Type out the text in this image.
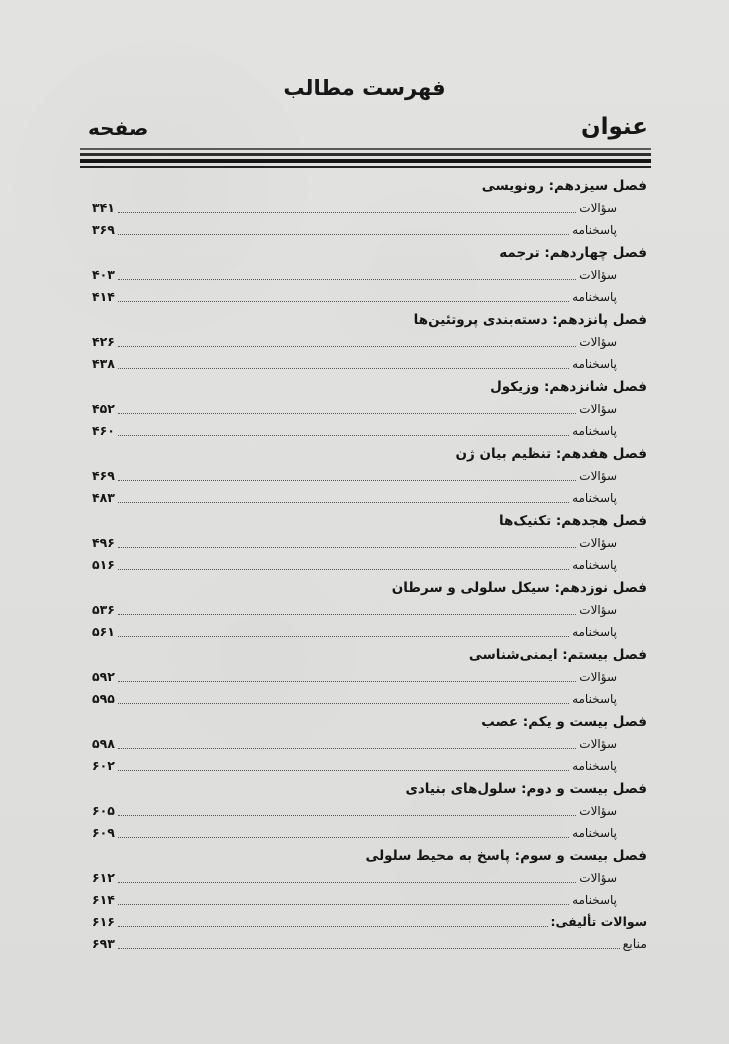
فهرست مطالب
عنوان
صفحه
فصل سیزدهم: رونویسی
سؤالات
۳۴۱
پاسخنامه
۳۶۹
فصل چهاردهم: ترجمه
سؤالات
۴۰۳
پاسخنامه
۴۱۴
فصل پانزدهم: دسته‌بندی پروتئین‌ها
سؤالات
۴۲۶
پاسخنامه
۴۳۸
فصل شانزدهم: وزیکول
سؤالات
۴۵۲
پاسخنامه
۴۶۰
فصل هفدهم: تنظیم بیان ژن
سؤالات
۴۶۹
پاسخنامه
۴۸۳
فصل هجدهم: تکنیک‌ها
سؤالات
۴۹۶
پاسخنامه
۵۱۶
فصل نوزدهم: سیکل سلولی و سرطان
سؤالات
۵۳۶
پاسخنامه
۵۶۱
فصل بیستم: ایمنی‌شناسی
سؤالات
۵۹۲
پاسخنامه
۵۹۵
فصل بیست و یکم: عصب
سؤالات
۵۹۸
پاسخنامه
۶۰۲
فصل بیست و دوم: سلول‌های بنیادی
سؤالات
۶۰۵
پاسخنامه
۶۰۹
فصل بیست و سوم: پاسخ به محیط سلولی
سؤالات
۶۱۲
پاسخنامه
۶۱۴
سوالات تألیفی:
۶۱۶
منابع
۶۹۳
